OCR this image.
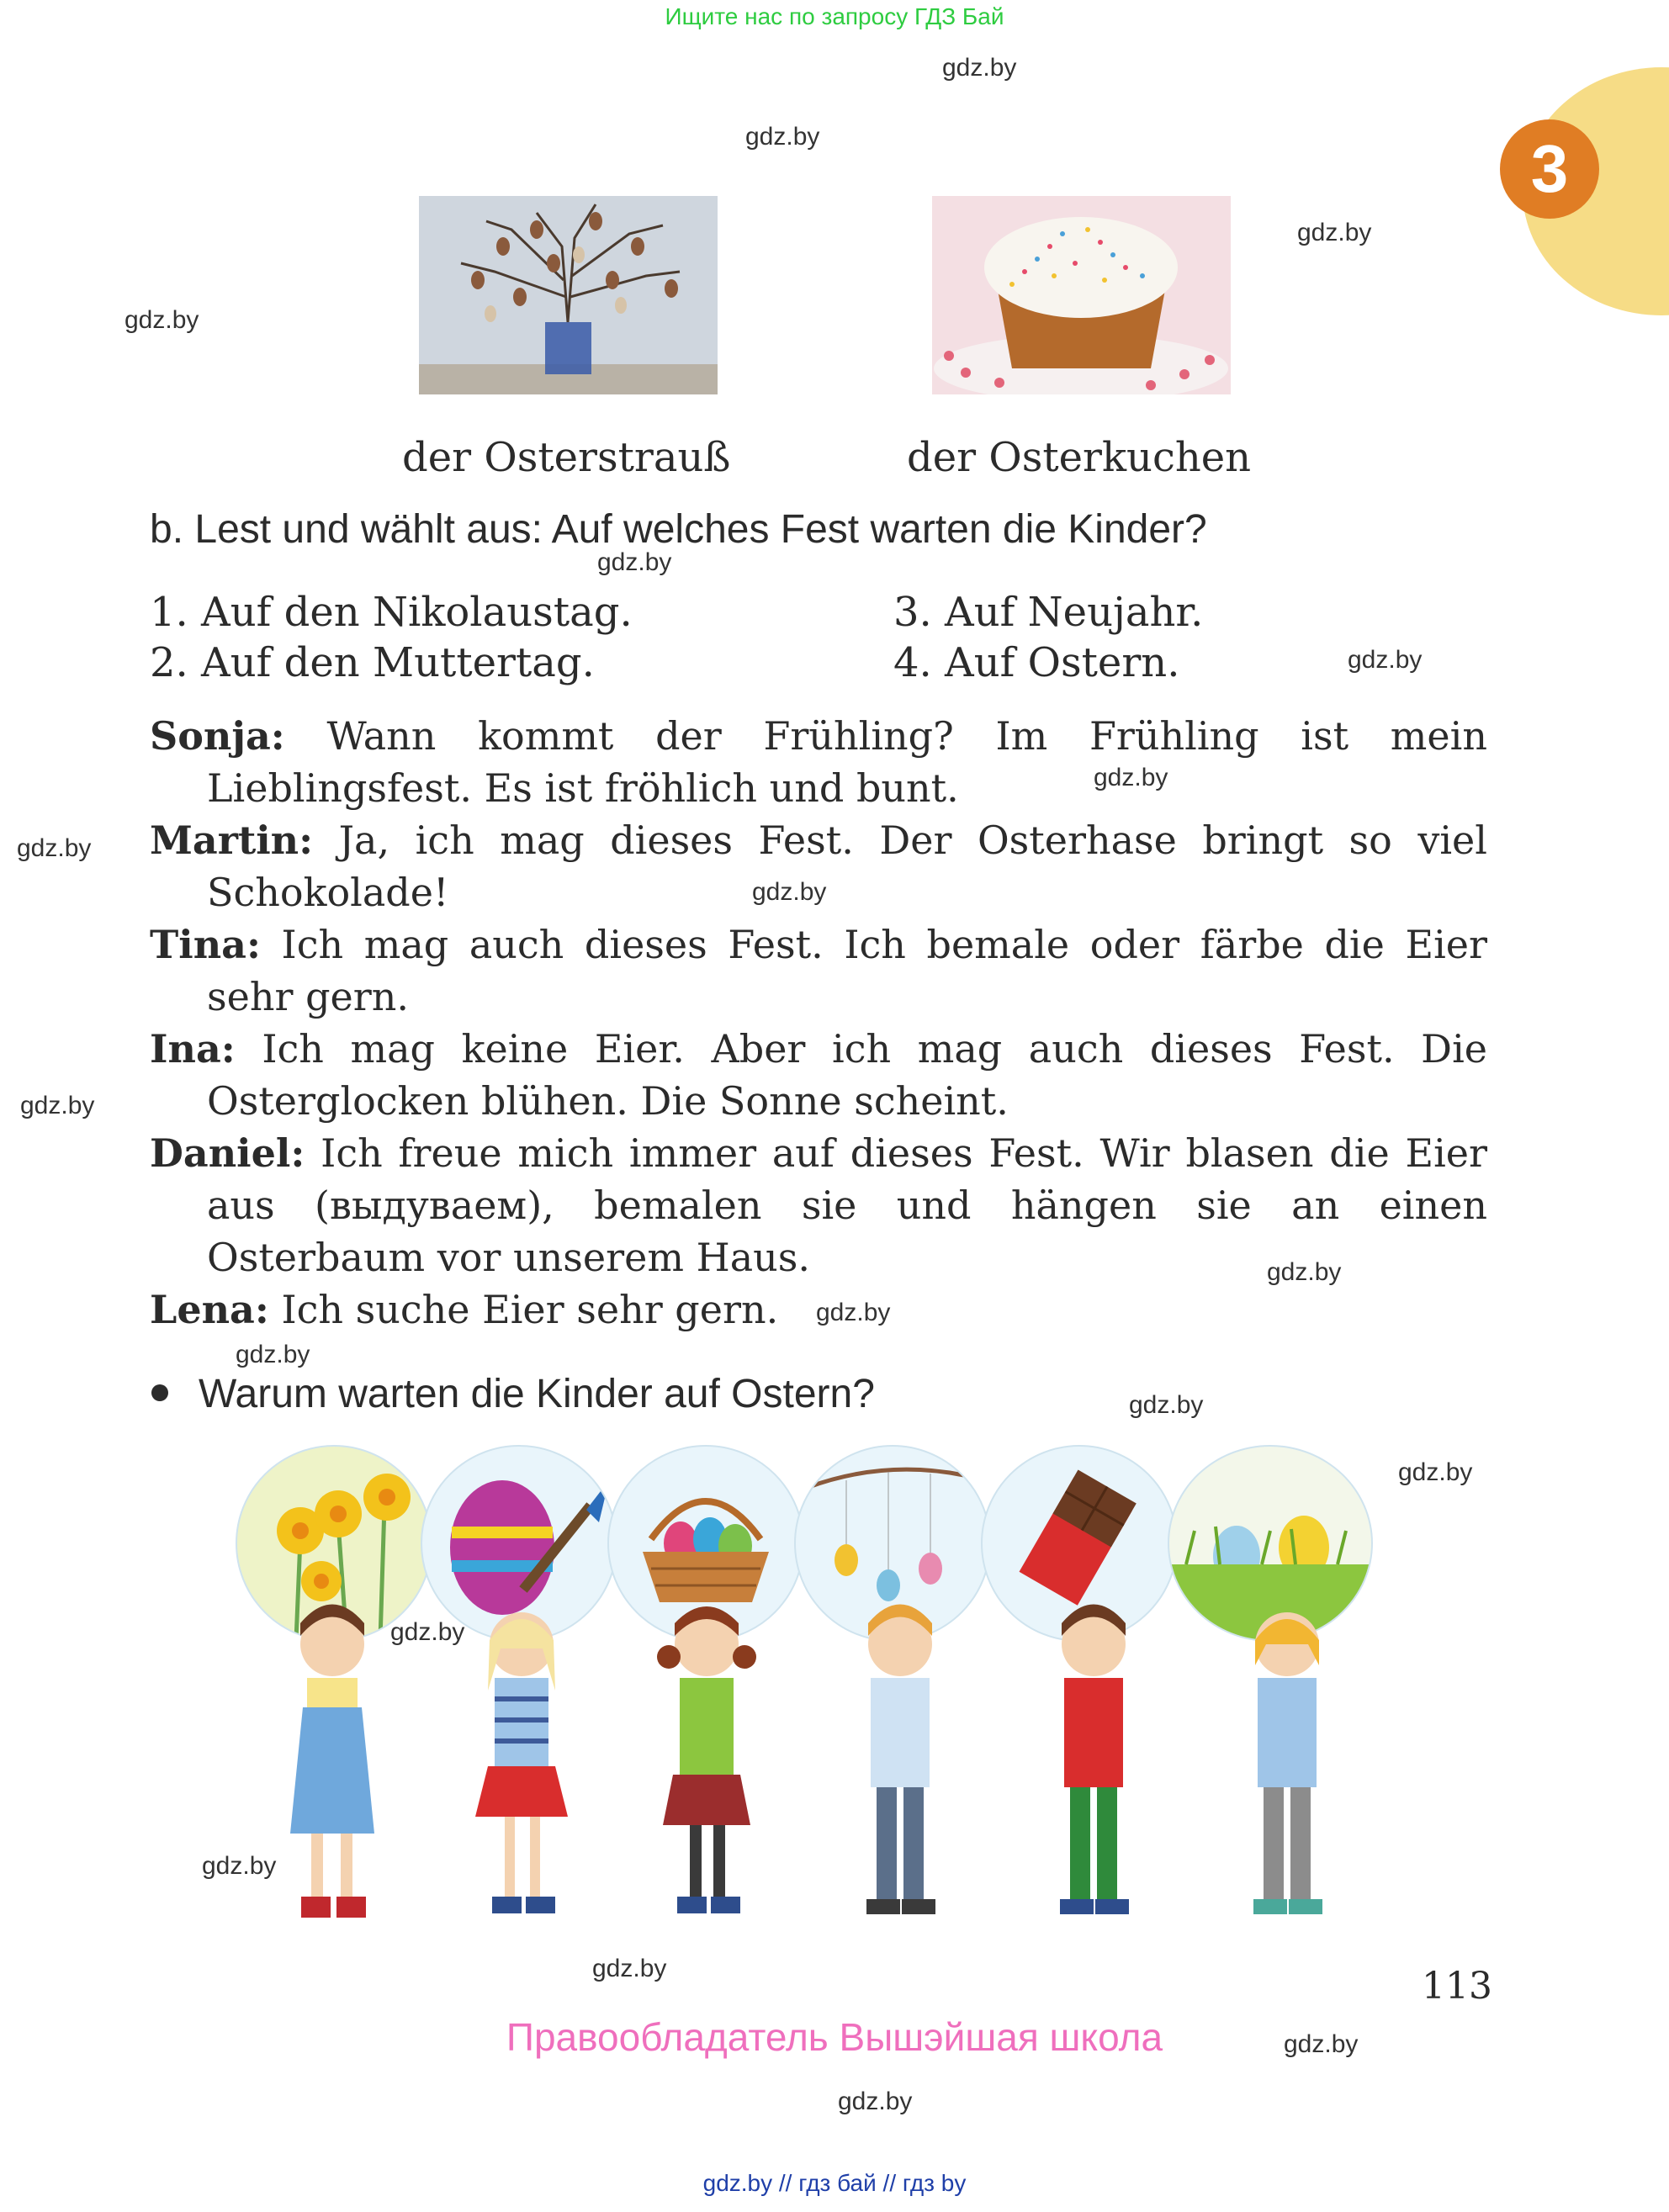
Ищите нас по запросу ГДЗ Бай
3
gdz.by
gdz.by
gdz.by
gdz.by
gdz.by
gdz.by
gdz.by
gdz.by
gdz.by
gdz.by
gdz.by
gdz.by
gdz.by
gdz.by
gdz.by
gdz.by
gdz.by
gdz.by
gdz.by
gdz.by
der Osterstrauß	der Osterkuchen
b. Lest und wählt aus: Auf welches Fest warten die Kinder?
1. Auf den Nikolaustag.
2. Auf den Muttertag.
3. Auf Neujahr.
4. Auf Ostern.

Sonja: Wann kommt der Frühling? Im Frühling ist mein Lieblingsfest. Es ist fröhlich und bunt.

Martin: Ja, ich mag dieses Fest. Der Osterhase bringt so viel Schokolade!

Tina: Ich mag auch dieses Fest. Ich bemale oder färbe die Eier sehr gern.

Ina: Ich mag keine Eier. Aber ich mag auch dieses Fest. Die Osterglocken blühen. Die Sonne scheint.

Daniel: Ich freue mich immer auf dieses Fest. Wir blasen die Eier aus (выдуваем), bemalen sie und hängen sie an einen Osterbaum vor unserem Haus.

Lena: Ich suche Eier sehr gern.

Warum warten die Kinder auf Ostern?
113
Правообладатель Вышэйшая школа
gdz.by // гдз бай // гдз by
